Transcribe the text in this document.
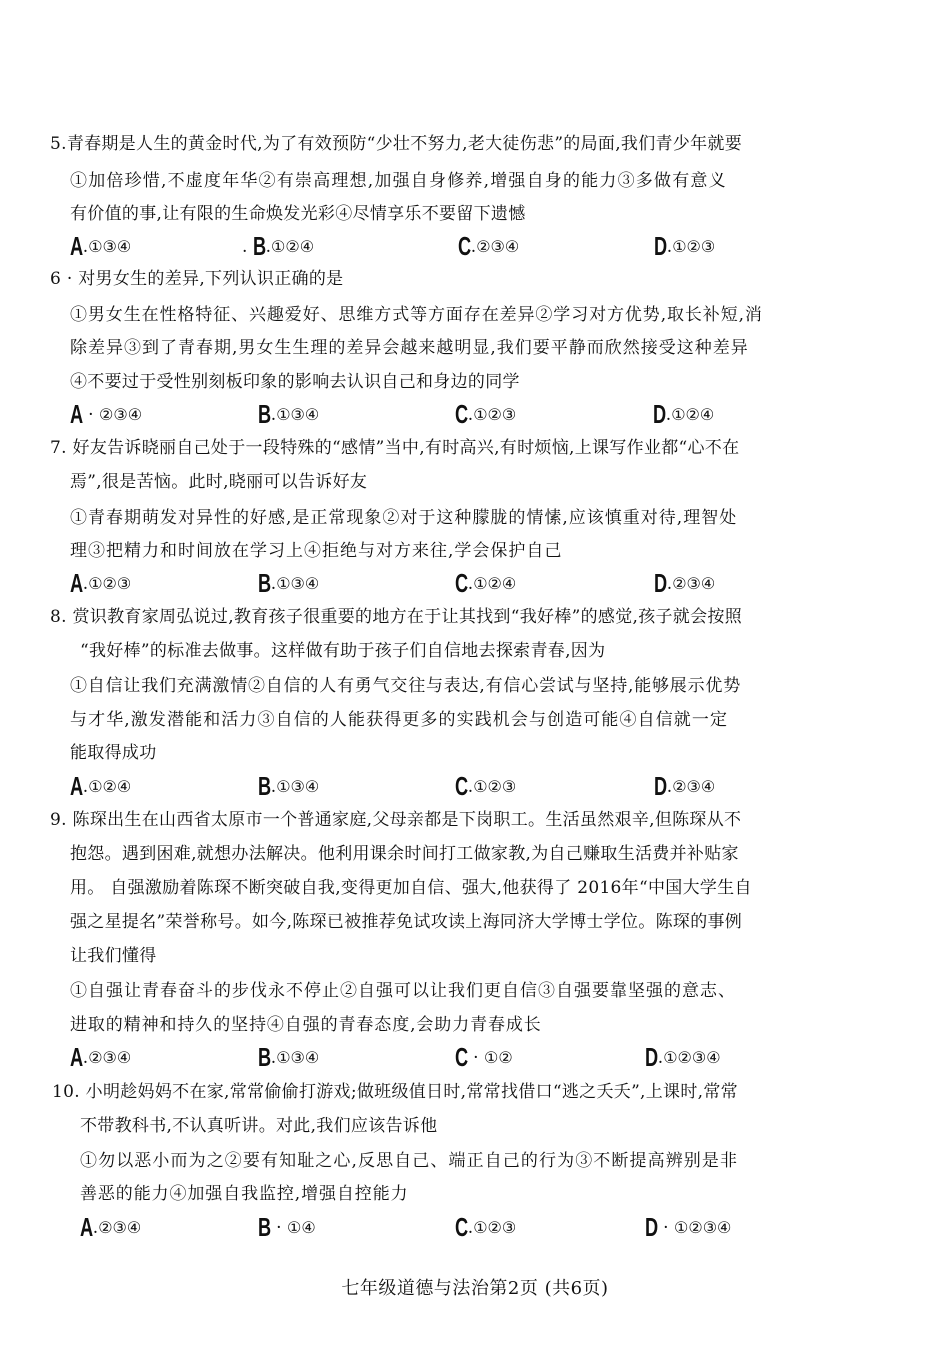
5.青春期是人生的黄金时代,为了有效预防“少壮不努力,老大徒伤悲”的局面,我们青少年就要
①加倍珍惜,不虚度年华②有崇高理想,加强自身修养,增强自身的能力③多做有意义
有价值的事,让有限的生命焕发光彩④尽情享乐不要留下遗憾
A.①③④	. B.①②④	C.②③④	D.①②③
6 · 对男女生的差异,下列认识正确的是
①男女生在性格特征、兴趣爱好、思维方式等方面存在差异②学习对方优势,取长补短,消
除差异③到了青春期,男女生生理的差异会越来越明显,我们要平静而欣然接受这种差异
④不要过于受性别刻板印象的影响去认识自己和身边的同学
A · ②③④	B.①③④	C.①②③	D.①②④
7. 好友告诉晓丽自己处于一段特殊的“感情”当中,有时高兴,有时烦恼,上课写作业都“心不在
焉”,很是苦恼。此时,晓丽可以告诉好友
①青春期萌发对异性的好感,是正常现象②对于这种朦胧的情愫,应该慎重对待,理智处
理③把精力和时间放在学习上④拒绝与对方来往,学会保护自己
A.①②③	B.①③④	C.①②④	D.②③④
8. 赏识教育家周弘说过,教育孩子很重要的地方在于让其找到“我好棒”的感觉,孩子就会按照
“我好棒”的标准去做事。这样做有助于孩子们自信地去探索青春,因为
①自信让我们充满激情②自信的人有勇气交往与表达,有信心尝试与坚持,能够展示优势
与才华,激发潜能和活力③自信的人能获得更多的实践机会与创造可能④自信就一定
能取得成功
A.①②④	B.①③④	C.①②③	D.②③④
9. 陈琛出生在山西省太原市一个普通家庭,父母亲都是下岗职工。生活虽然艰辛,但陈琛从不
抱怨。遇到困难,就想办法解决。他利用课余时间打工做家教,为自己赚取生活费并补贴家
用。 自强激励着陈琛不断突破自我,变得更加自信、强大,他获得了 2016年“中国大学生自
强之星提名”荣誉称号。如今,陈琛已被推荐免试攻读上海同济大学博士学位。陈琛的事例
让我们懂得
①自强让青春奋斗的步伐永不停止②自强可以让我们更自信③自强要靠坚强的意志、
进取的精神和持久的坚持④自强的青春态度,会助力青春成长
A.②③④	B.①③④	C · ①②	D.①②③④
10. 小明趁妈妈不在家,常常偷偷打游戏;做班级值日时,常常找借口“逃之夭夭”,上课时,常常
不带教科书,不认真听讲。对此,我们应该告诉他
①勿以恶小而为之②要有知耻之心,反思自己、端正自己的行为③不断提高辨别是非
善恶的能力④加强自我监控,增强自控能力
A.②③④	B · ①④	C.①②③	D · ①②③④
七年级道德与法治第2页 (共6页)
